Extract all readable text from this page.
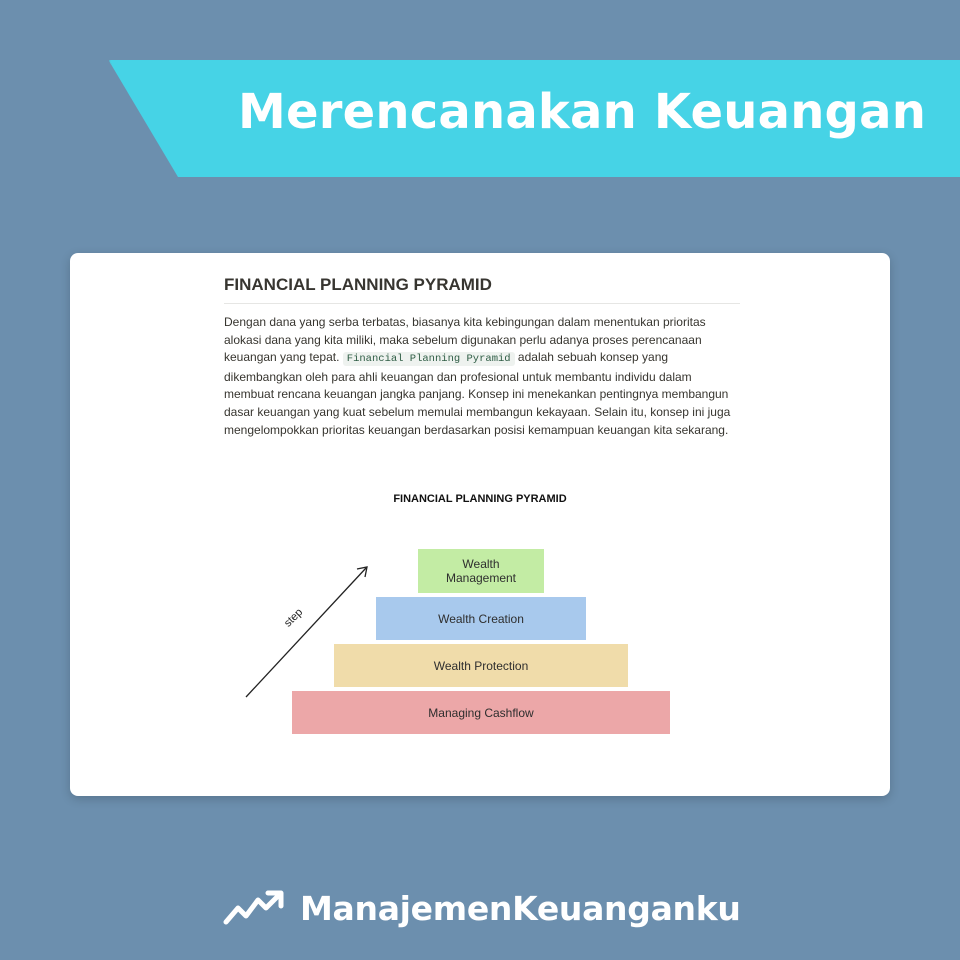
Merencanakan Keuangan
FINANCIAL PLANNING PYRAMID
Dengan dana yang serba terbatas, biasanya kita kebingungan dalam menentukan prioritas alokasi dana yang kita miliki, maka sebelum digunakan perlu adanya proses perencanaan keuangan yang tepat. Financial Planning Pyramid adalah sebuah konsep yang dikembangkan oleh para ahli keuangan dan profesional untuk membantu individu dalam membuat rencana keuangan jangka panjang. Konsep ini menekankan pentingnya membangun dasar keuangan yang kuat sebelum memulai membangun kekayaan. Selain itu, konsep ini juga mengelompokkan prioritas keuangan berdasarkan posisi kemampuan keuangan kita sekarang.
FINANCIAL PLANNING PYRAMID
step
Wealth Management
Wealth Creation
Wealth Protection
Managing Cashflow
ManajemenKeuanganku
